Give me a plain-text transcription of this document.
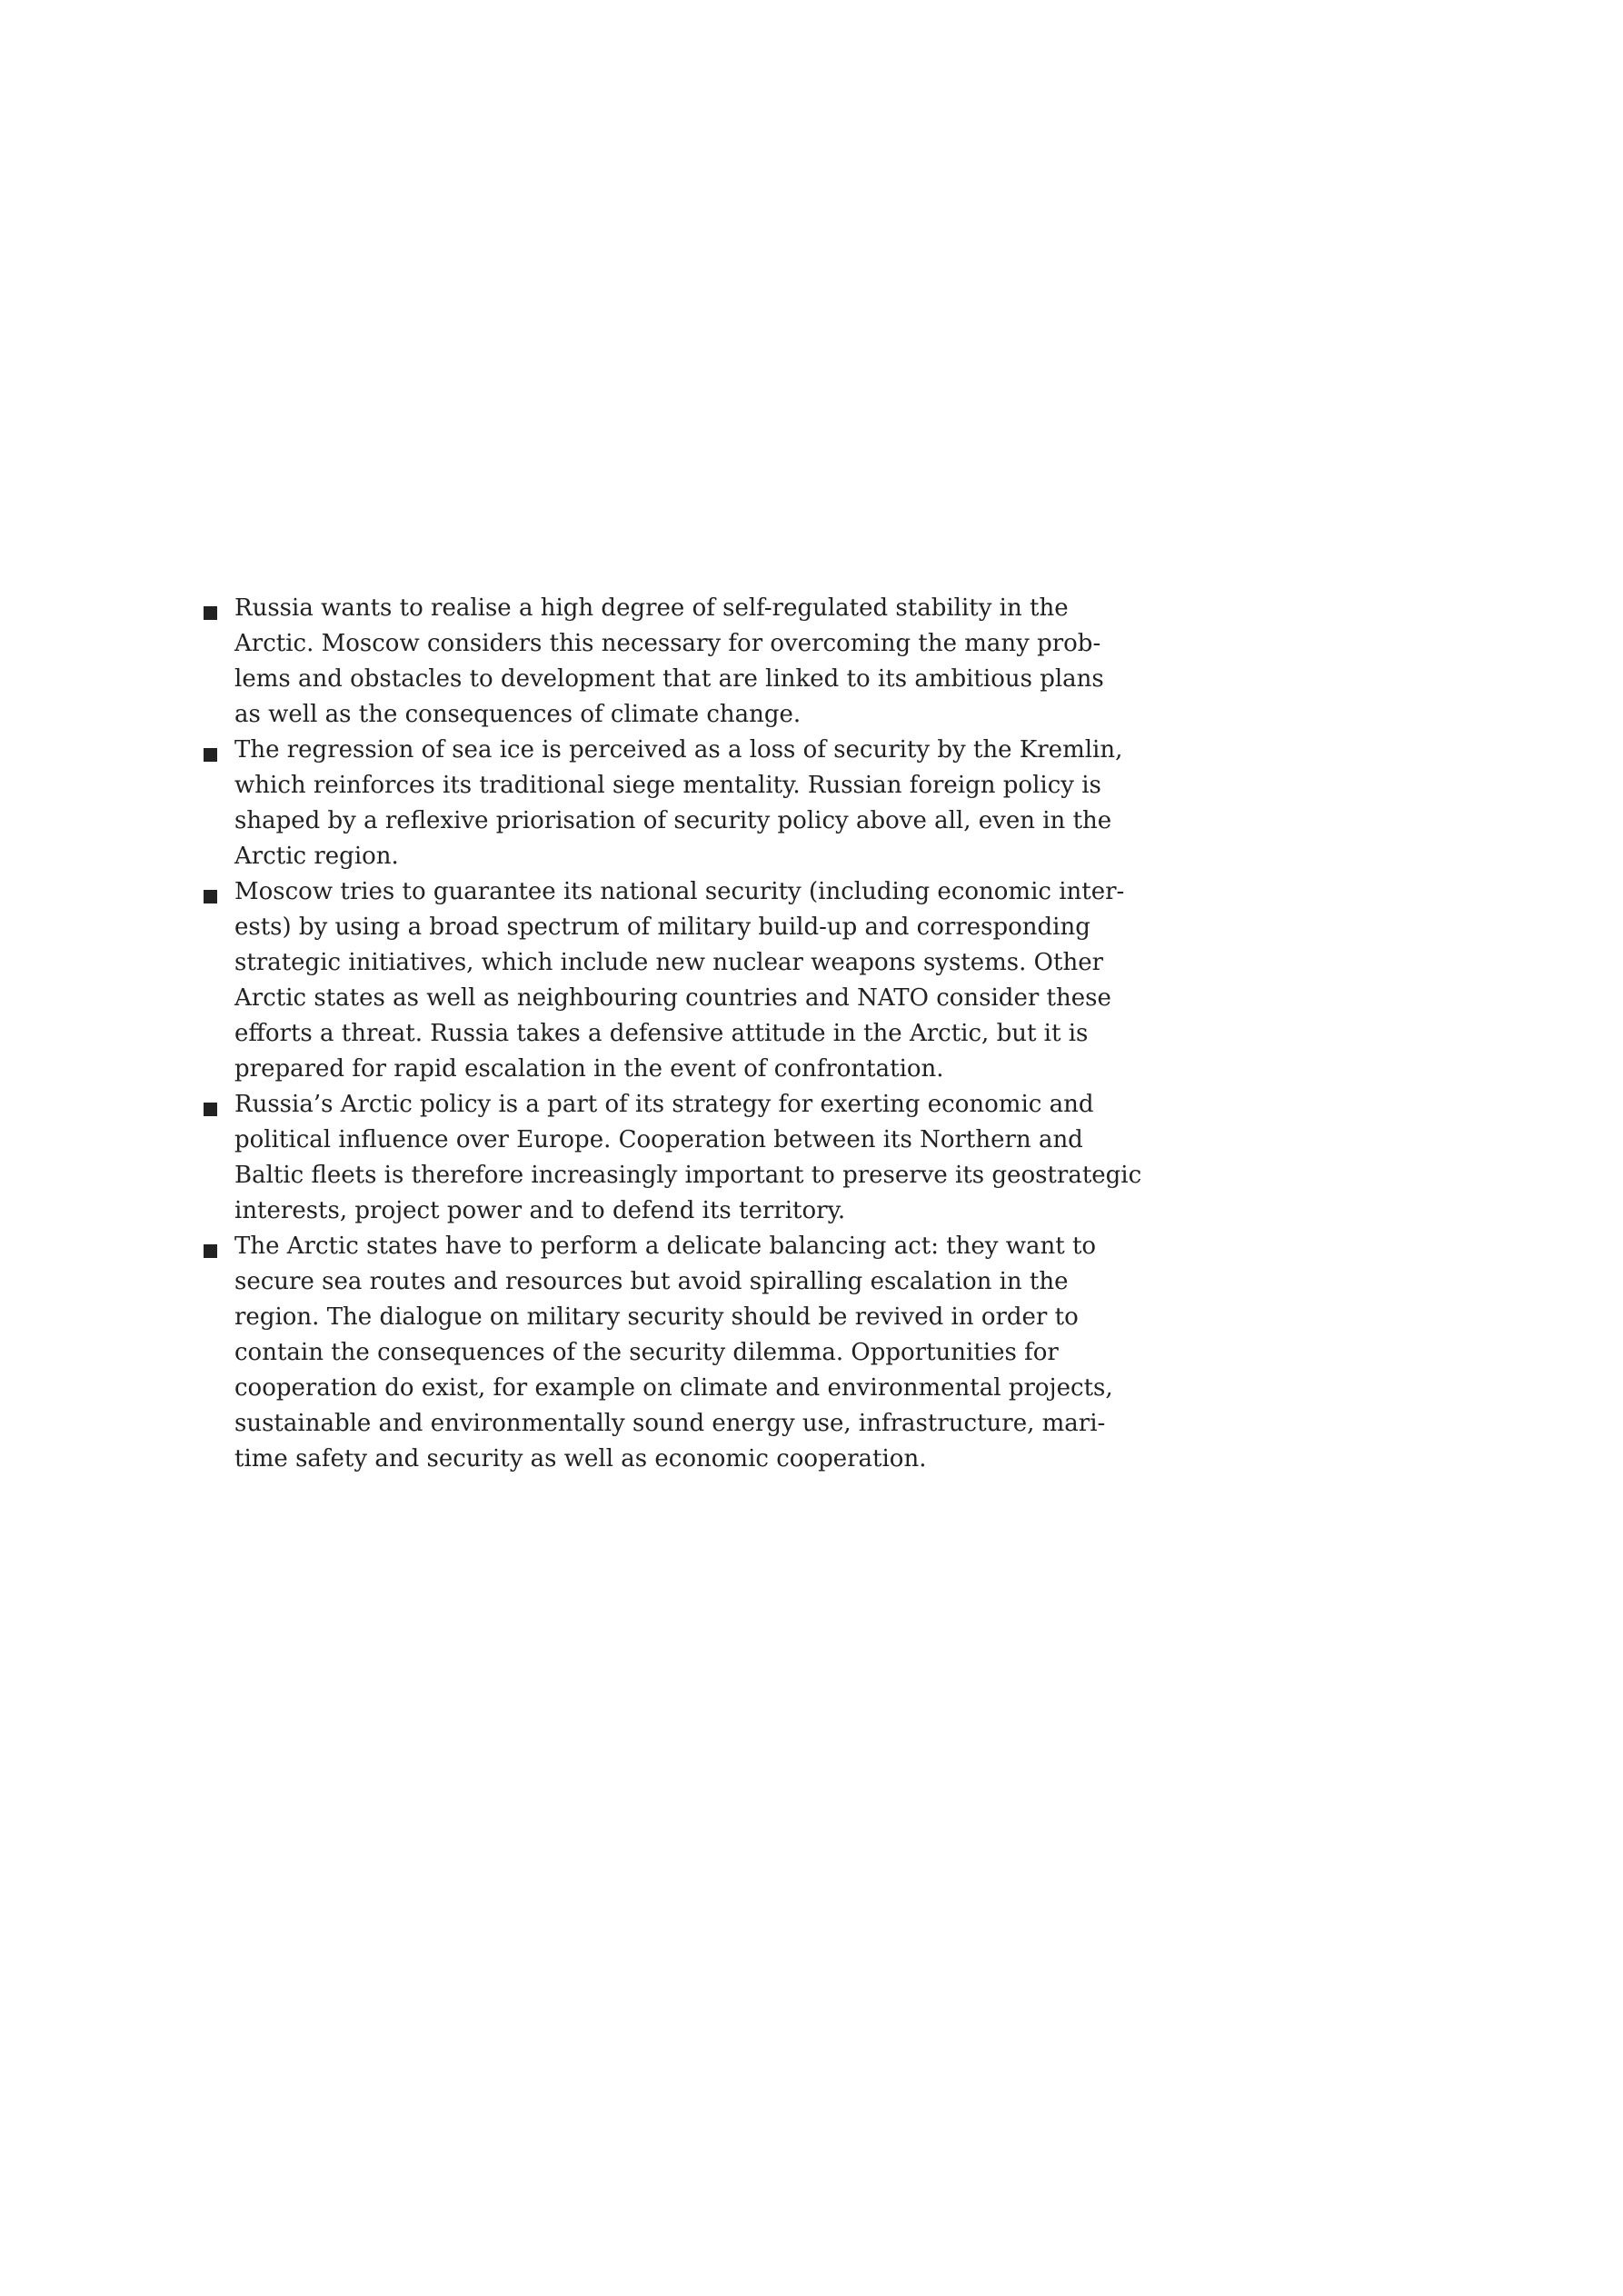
Russia wants to realise a high degree of self-regulated stability in the
Arctic. Moscow considers this necessary for overcoming the many prob-
lems and obstacles to development that are linked to its ambitious plans
as well as the consequences of climate change.
The regression of sea ice is perceived as a loss of security by the Kremlin,
which reinforces its traditional siege mentality. Russian foreign policy is
shaped by a reflexive priorisation of security policy above all, even in the
Arctic region.
Moscow tries to guarantee its national security (including economic inter-
ests) by using a broad spectrum of military build-up and corresponding
strategic initiatives, which include new nuclear weapons systems. Other
Arctic states as well as neighbouring countries and NATO consider these
efforts a threat. Russia takes a defensive attitude in the Arctic, but it is
prepared for rapid escalation in the event of confrontation.
Russia’s Arctic policy is a part of its strategy for exerting economic and
political influence over Europe. Cooperation between its Northern and
Baltic fleets is therefore increasingly important to preserve its geostrategic
interests, project power and to defend its territory.
The Arctic states have to perform a delicate balancing act: they want to
secure sea routes and resources but avoid spiralling escalation in the
region. The dialogue on military security should be revived in order to
contain the consequences of the security dilemma. Opportunities for
cooperation do exist, for example on climate and environmental projects,
sustainable and environmentally sound energy use, infrastructure, mari-
time safety and security as well as economic cooperation.
